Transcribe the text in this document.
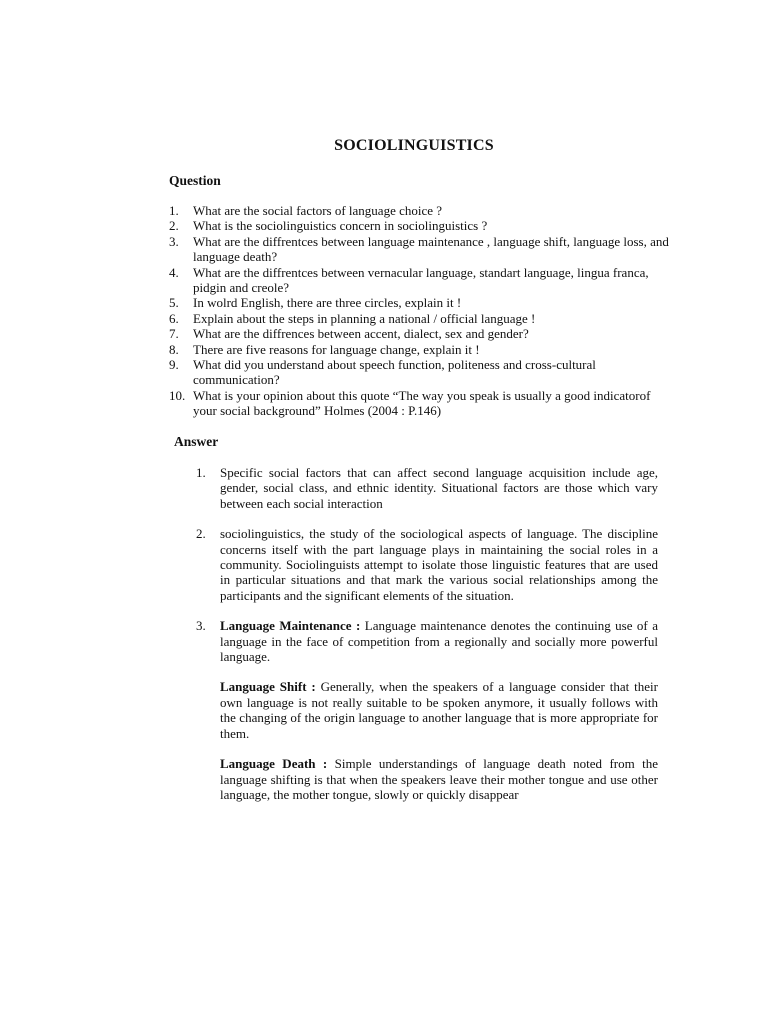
SOCIOLINGUISTICS
Question
1.	What are the social factors of language choice ?
2.	What is the sociolinguistics concern in sociolinguistics ?
3.	What are the diffrentces between language maintenance , language shift, language loss, and language death?
4.	What are the diffrentces between vernacular language, standart language, lingua franca, pidgin and creole?
5.	In wolrd English, there are three circles, explain it !
6.	Explain about the steps in planning a national / official language !
7.	What are the diffrences between accent, dialect, sex and gender?
8.	There are five reasons for language change, explain it !
9.	What did you understand about speech function, politeness and cross-cultural communication?
10. What is your opinion about this quote “The way you speak is usually a good indicatorof your social background” Holmes (2004 : P.146)
Answer
1.	Specific social factors that can affect second language acquisition include age, gender, social class, and ethnic identity. Situational factors are those which vary between each social interaction

2.	sociolinguistics, the study of the sociological aspects of language. The discipline concerns itself with the part language plays in maintaining the social roles in a community. Sociolinguists attempt to isolate those linguistic features that are used in particular situations and that mark the various social relationships among the participants and the significant elements of the situation.

3.	Language Maintenance : Language maintenance denotes the continuing use of a language in the face of competition from a regionally and socially more powerful language.

Language Shift : Generally, when the speakers of a language consider that their own language is not really suitable to be spoken anymore, it usually follows with the changing of the origin language to another language that is more appropriate for them.

Language Death : Simple understandings of language death noted from the language shifting is that when the speakers leave their mother tongue and use other language, the mother tongue, slowly or quickly disappear
